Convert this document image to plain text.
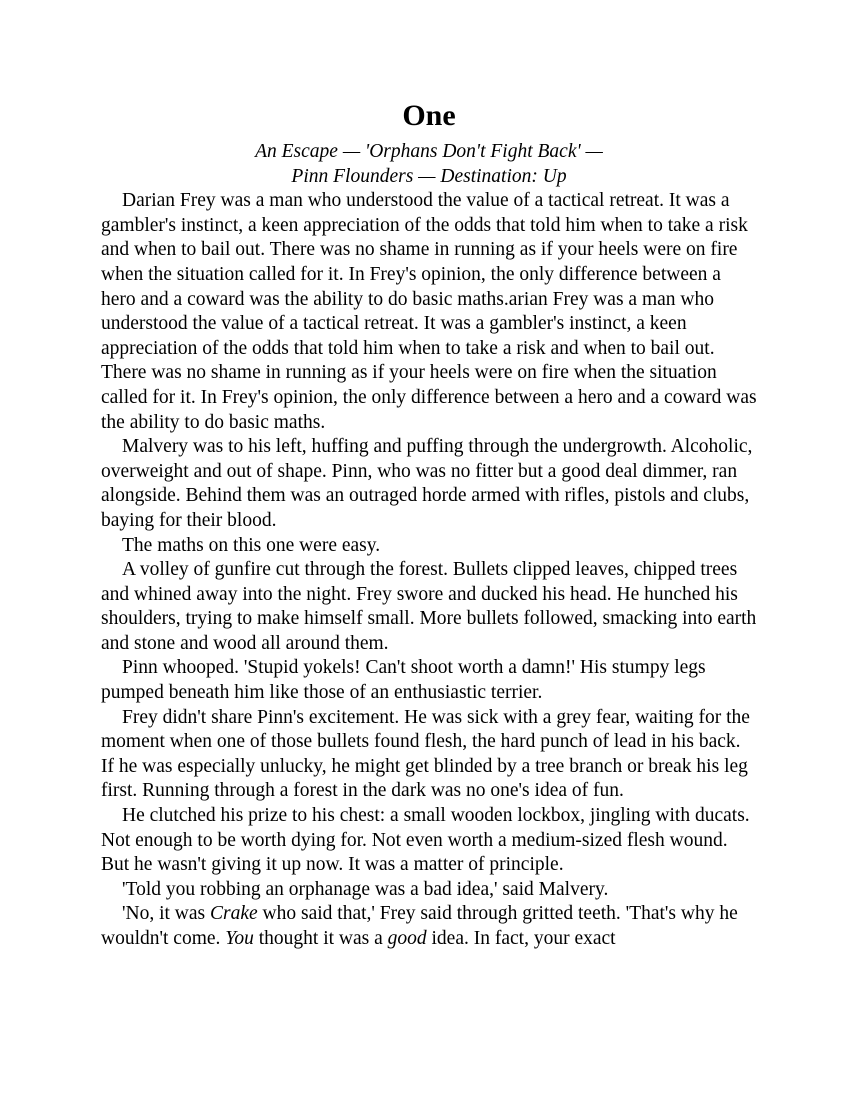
One
An Escape — 'Orphans Don't Fight Back' —
Pinn Flounders — Destination: Up

Darian Frey was a man who understood the value of a tactical retreat. It was a gambler's instinct, a keen appreciation of the odds that told him when to take a risk and when to bail out. There was no shame in running as if your heels were on fire when the situation called for it. In Frey's opinion, the only difference between a hero and a coward was the ability to do basic maths.arian Frey was a man who understood the value of a tactical retreat. It was a gambler's instinct, a keen appreciation of the odds that told him when to take a risk and when to bail out. There was no shame in running as if your heels were on fire when the situation called for it. In Frey's opinion, the only difference between a hero and a coward was the ability to do basic maths.

Malvery was to his left, huffing and puffing through the undergrowth. Alcoholic, overweight and out of shape. Pinn, who was no fitter but a good deal dimmer, ran alongside. Behind them was an outraged horde armed with rifles, pistols and clubs, baying for their blood.

The maths on this one were easy.

A volley of gunfire cut through the forest. Bullets clipped leaves, chipped trees and whined away into the night. Frey swore and ducked his head. He hunched his shoulders, trying to make himself small. More bullets followed, smacking into earth and stone and wood all around them.

Pinn whooped. 'Stupid yokels! Can't shoot worth a damn!' His stumpy legs pumped beneath him like those of an enthusiastic terrier.

Frey didn't share Pinn's excitement. He was sick with a grey fear, waiting for the moment when one of those bullets found flesh, the hard punch of lead in his back. If he was especially unlucky, he might get blinded by a tree branch or break his leg first. Running through a forest in the dark was no one's idea of fun.

He clutched his prize to his chest: a small wooden lockbox, jingling with ducats. Not enough to be worth dying for. Not even worth a medium-sized flesh wound. But he wasn't giving it up now. It was a matter of principle.

'Told you robbing an orphanage was a bad idea,' said Malvery.

'No, it was Crake who said that,' Frey said through gritted teeth. 'That's why he wouldn't come. You thought it was a good idea. In fact, your exact
